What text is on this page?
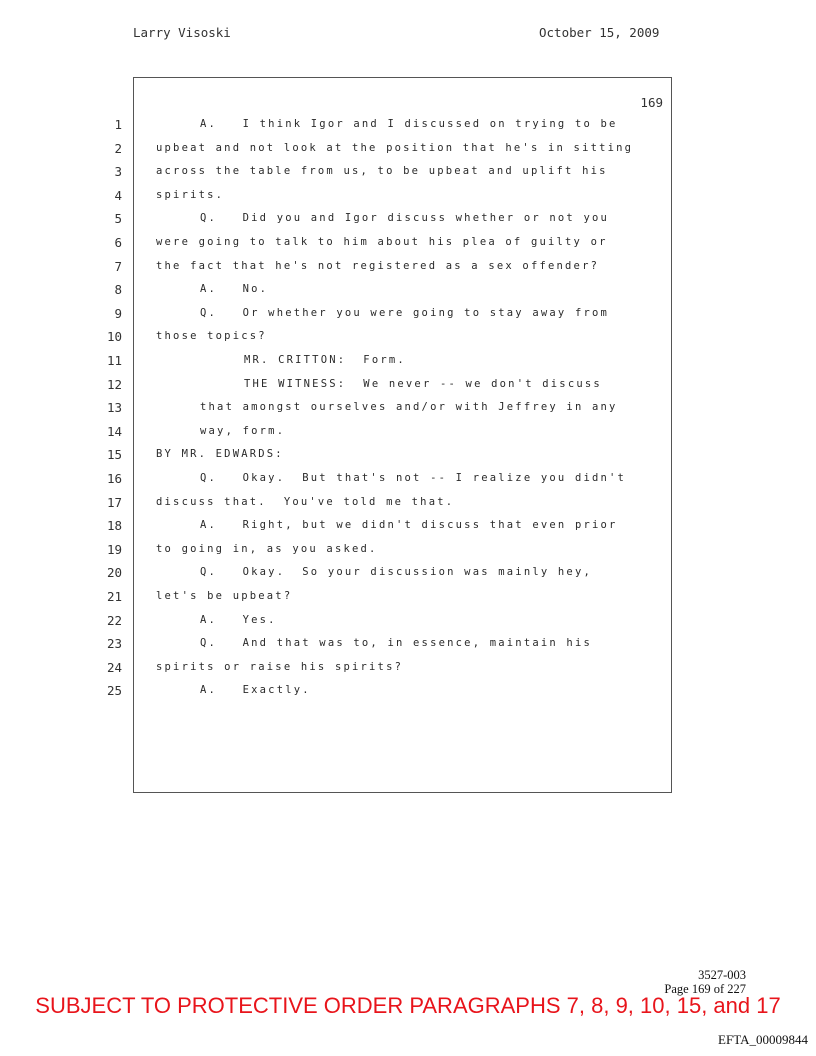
Larry Visoski	October 15, 2009
169
1	A.   I think Igor and I discussed on trying to be
2	upbeat and not look at the position that he's in sitting
3	across the table from us, to be upbeat and uplift his
4	spirits.
5	Q.   Did you and Igor discuss whether or not you
6	were going to talk to him about his plea of guilty or
7	the fact that he's not registered as a sex offender?
8	A.   No.
9	Q.   Or whether you were going to stay away from
10	those topics?
11	MR. CRITTON:  Form.
12	THE WITNESS:  We never -- we don't discuss
13	that amongst ourselves and/or with Jeffrey in any
14	way, form.
15	BY MR. EDWARDS:
16	Q.   Okay.  But that's not -- I realize you didn't
17	discuss that.  You've told me that.
18	A.   Right, but we didn't discuss that even prior
19	to going in, as you asked.
20	Q.   Okay.  So your discussion was mainly hey,
21	let's be upbeat?
22	A.   Yes.
23	Q.   And that was to, in essence, maintain his
24	spirits or raise his spirits?
25	A.   Exactly.
3527-003
Page 169 of 227
SUBJECT TO PROTECTIVE ORDER PARAGRAPHS 7, 8, 9, 10, 15, and 17
EFTA_00009844
